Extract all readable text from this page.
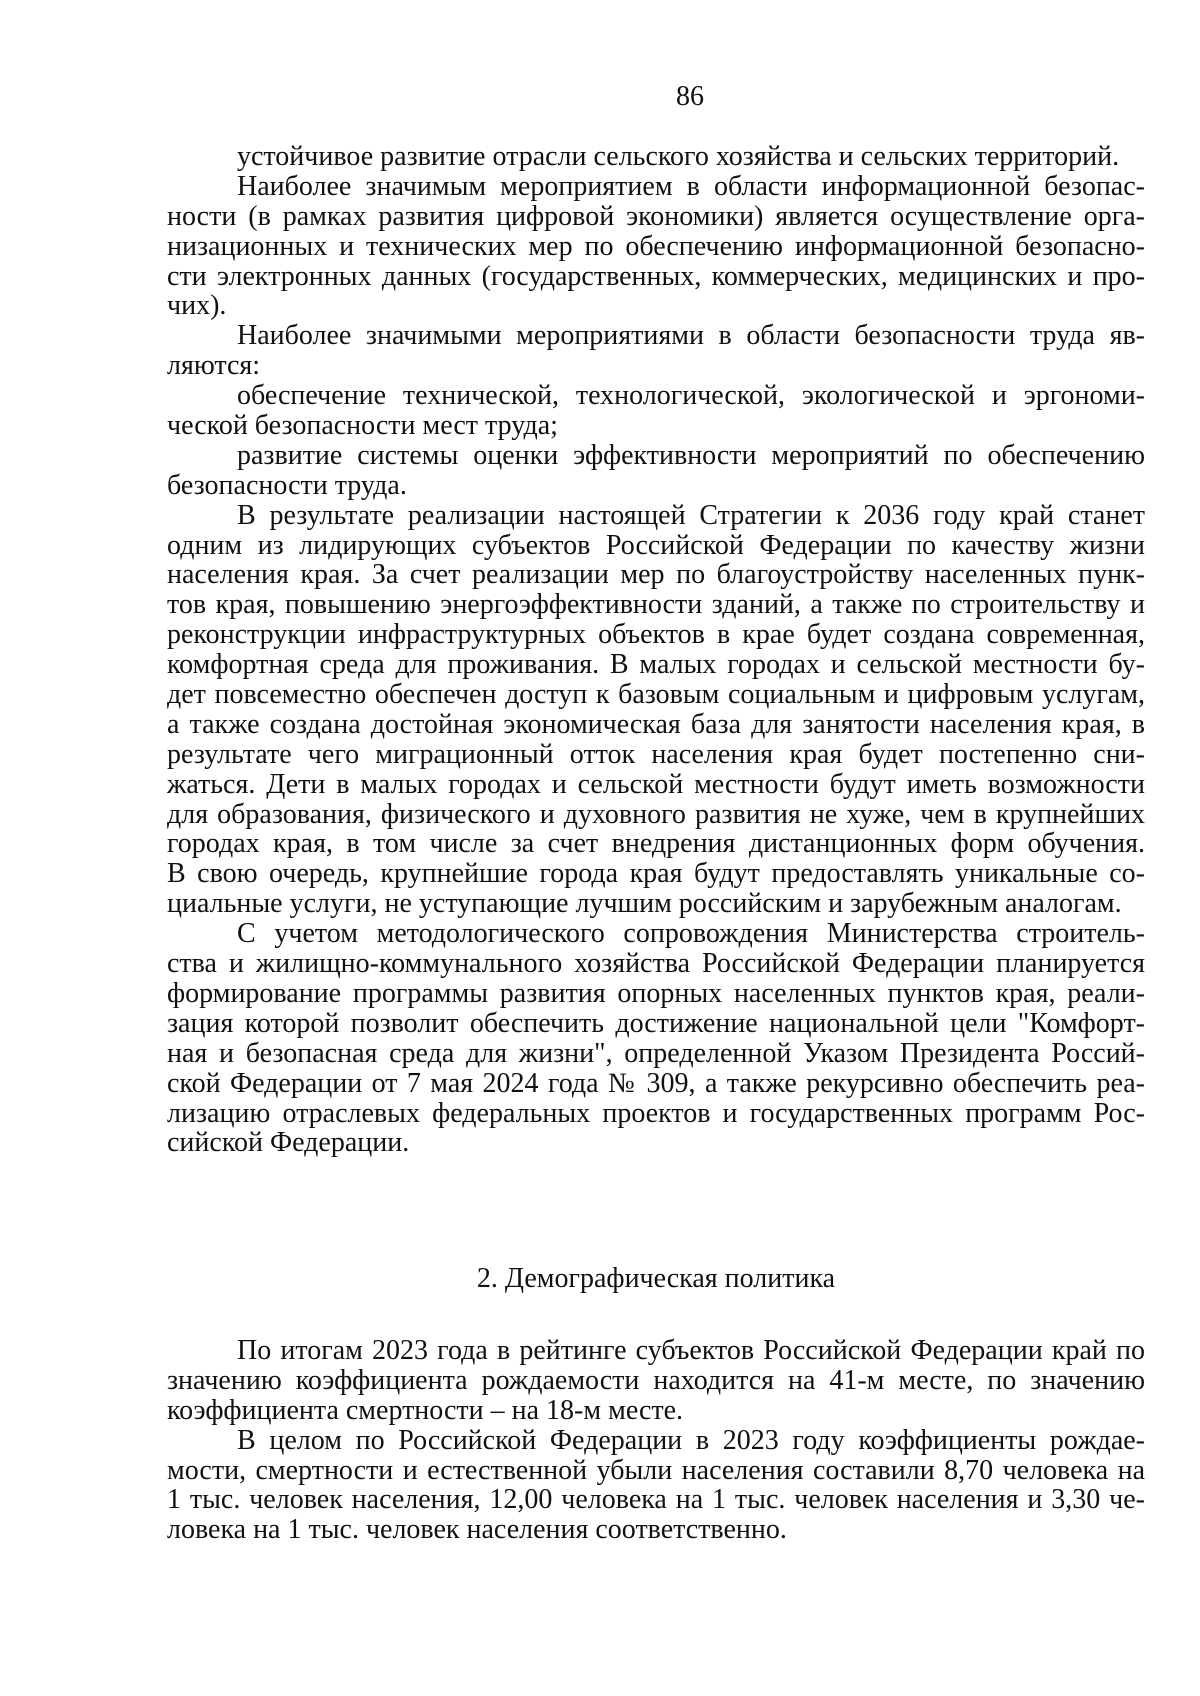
86
устойчивое развитие отрасли сельского хозяйства и сельских территорий.
Наиболее значимым мероприятием в области информационной безопас-
ности (в рамках развития цифровой экономики) является осуществление орга-
низационных и технических мер по обеспечению информационной безопасно-
сти электронных данных (государственных, коммерческих, медицинских и про-
чих).
Наиболее значимыми мероприятиями в области безопасности труда яв-
ляются:
обеспечение технической, технологической, экологической и эргономи-
ческой безопасности мест труда;
развитие системы оценки эффективности мероприятий по обеспечению
безопасности труда.
В результате реализации настоящей Стратегии к 2036 году край станет
одним из лидирующих субъектов Российской Федерации по качеству жизни
населения края. За счет реализации мер по благоустройству населенных пунк-
тов края, повышению энергоэффективности зданий, а также по строительству и
реконструкции инфраструктурных объектов в крае будет создана современная,
комфортная среда для проживания. В малых городах и сельской местности бу-
дет повсеместно обеспечен доступ к базовым социальным и цифровым услугам,
а также создана достойная экономическая база для занятости населения края, в
результате чего миграционный отток населения края будет постепенно сни-
жаться. Дети в малых городах и сельской местности будут иметь возможности
для образования, физического и духовного развития не хуже, чем в крупнейших
городах края, в том числе за счет внедрения дистанционных форм обучения.
В свою очередь, крупнейшие города края будут предоставлять уникальные со-
циальные услуги, не уступающие лучшим российским и зарубежным аналогам.
С учетом методологического сопровождения Министерства строитель-
ства и жилищно-коммунального хозяйства Российской Федерации планируется
формирование программы развития опорных населенных пунктов края, реали-
зация которой позволит обеспечить достижение национальной цели "Комфорт-
ная и безопасная среда для жизни", определенной Указом Президента Россий-
ской Федерации от 7 мая 2024 года № 309, а также рекурсивно обеспечить реа-
лизацию отраслевых федеральных проектов и государственных программ Рос-
сийской Федерации.
2. Демографическая политика
По итогам 2023 года в рейтинге субъектов Российской Федерации край по
значению коэффициента рождаемости находится на 41-м месте, по значению
коэффициента смертности – на 18-м месте.
В целом по Российской Федерации в 2023 году коэффициенты рождае-
мости, смертности и естественной убыли населения составили 8,70 человека на
1 тыс. человек населения, 12,00 человека на 1 тыс. человек населения и 3,30 че-
ловека на 1 тыс. человек населения соответственно.
